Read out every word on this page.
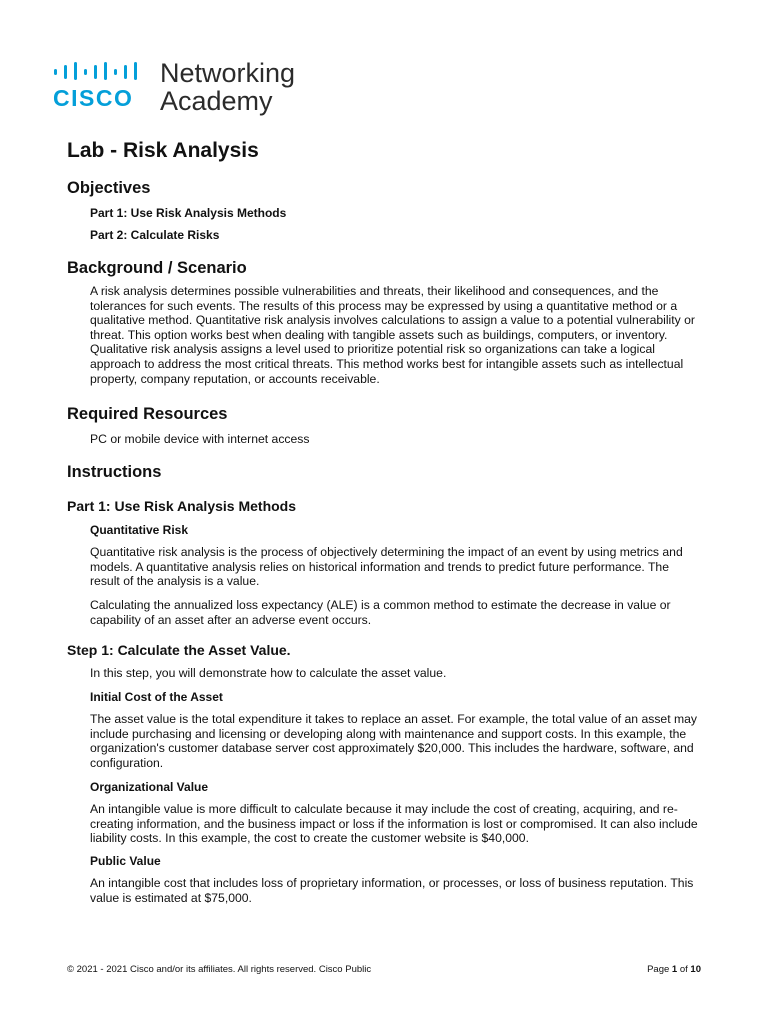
CISCO
Networking
Academy
Lab - Risk Analysis
Objectives
Part 1: Use Risk Analysis Methods
Part 2: Calculate Risks
Background / Scenario

A risk analysis determines possible vulnerabilities and threats, their likelihood and consequences, and the tolerances for such events. The results of this process may be expressed by using a quantitative method or a qualitative method. Quantitative risk analysis involves calculations to assign a value to a potential vulnerability or threat. This option works best when dealing with tangible assets such as buildings, computers, or inventory. Qualitative risk analysis assigns a level used to prioritize potential risk so organizations can take a logical approach to address the most critical threats. This method works best for intangible assets such as intellectual property, company reputation, or accounts receivable.

Required Resources

PC or mobile device with internet access

Instructions
Part 1: Use Risk Analysis Methods
Quantitative Risk

Quantitative risk analysis is the process of objectively determining the impact of an event by using metrics and models. A quantitative analysis relies on historical information and trends to predict future performance. The result of the analysis is a value.

Calculating the annualized loss expectancy (ALE) is a common method to estimate the decrease in value or capability of an asset after an adverse event occurs.

Step 1: Calculate the Asset Value.

In this step, you will demonstrate how to calculate the asset value.

Initial Cost of the Asset

The asset value is the total expenditure it takes to replace an asset. For example, the total value of an asset may include purchasing and licensing or developing along with maintenance and support costs. In this example, the organization's customer database server cost approximately $20,000. This includes the hardware, software, and configuration.

Organizational Value

An intangible value is more difficult to calculate because it may include the cost of creating, acquiring, and re-creating information, and the business impact or loss if the information is lost or compromised. It can also include liability costs. In this example, the cost to create the customer website is $40,000.

Public Value

An intangible cost that includes loss of proprietary information, or processes, or loss of business reputation. This value is estimated at $75,000.

© 2021 - 2021 Cisco and/or its affiliates. All rights reserved. Cisco Public	Page 1 of 10
